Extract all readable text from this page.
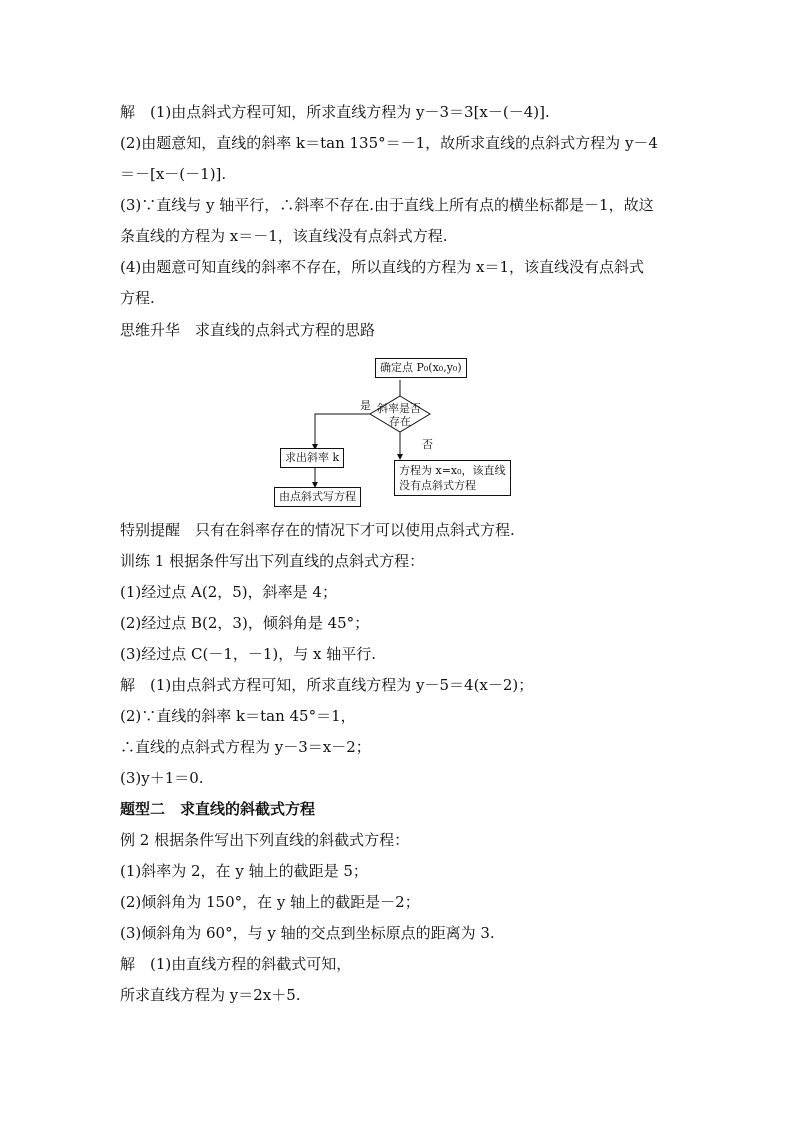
解　(1)由点斜式方程可知，所求直线方程为 y－3＝3[x－(－4)].
(2)由题意知，直线的斜率 k＝tan 135°＝－1，故所求直线的点斜式方程为 y－4
＝－[x－(－1)].
(3)∵直线与 y 轴平行，∴斜率不存在.由于直线上所有点的横坐标都是－1，故这
条直线的方程为 x＝－1，该直线没有点斜式方程.
(4)由题意可知直线的斜率不存在，所以直线的方程为 x＝1，该直线没有点斜式
方程.
思维升华　求直线的点斜式方程的思路
确定点 P₀(x₀,y₀)
斜率是否
存在
是
否
求出斜率 k
由点斜式写方程
方程为 x=x₀，该直线
没有点斜式方程
特别提醒　只有在斜率存在的情况下才可以使用点斜式方程.
训练 1 根据条件写出下列直线的点斜式方程：
(1)经过点 A(2，5)，斜率是 4；
(2)经过点 B(2，3)，倾斜角是 45°；
(3)经过点 C(－1，－1)，与 x 轴平行.
解　(1)由点斜式方程可知，所求直线方程为 y－5＝4(x－2)；
(2)∵直线的斜率 k＝tan 45°＝1，
∴直线的点斜式方程为 y－3＝x－2；
(3)y＋1＝0.
题型二　求直线的斜截式方程
例 2 根据条件写出下列直线的斜截式方程：
(1)斜率为 2，在 y 轴上的截距是 5；
(2)倾斜角为 150°，在 y 轴上的截距是－2；
(3)倾斜角为 60°，与 y 轴的交点到坐标原点的距离为 3.
解　(1)由直线方程的斜截式可知，
所求直线方程为 y＝2x＋5.
